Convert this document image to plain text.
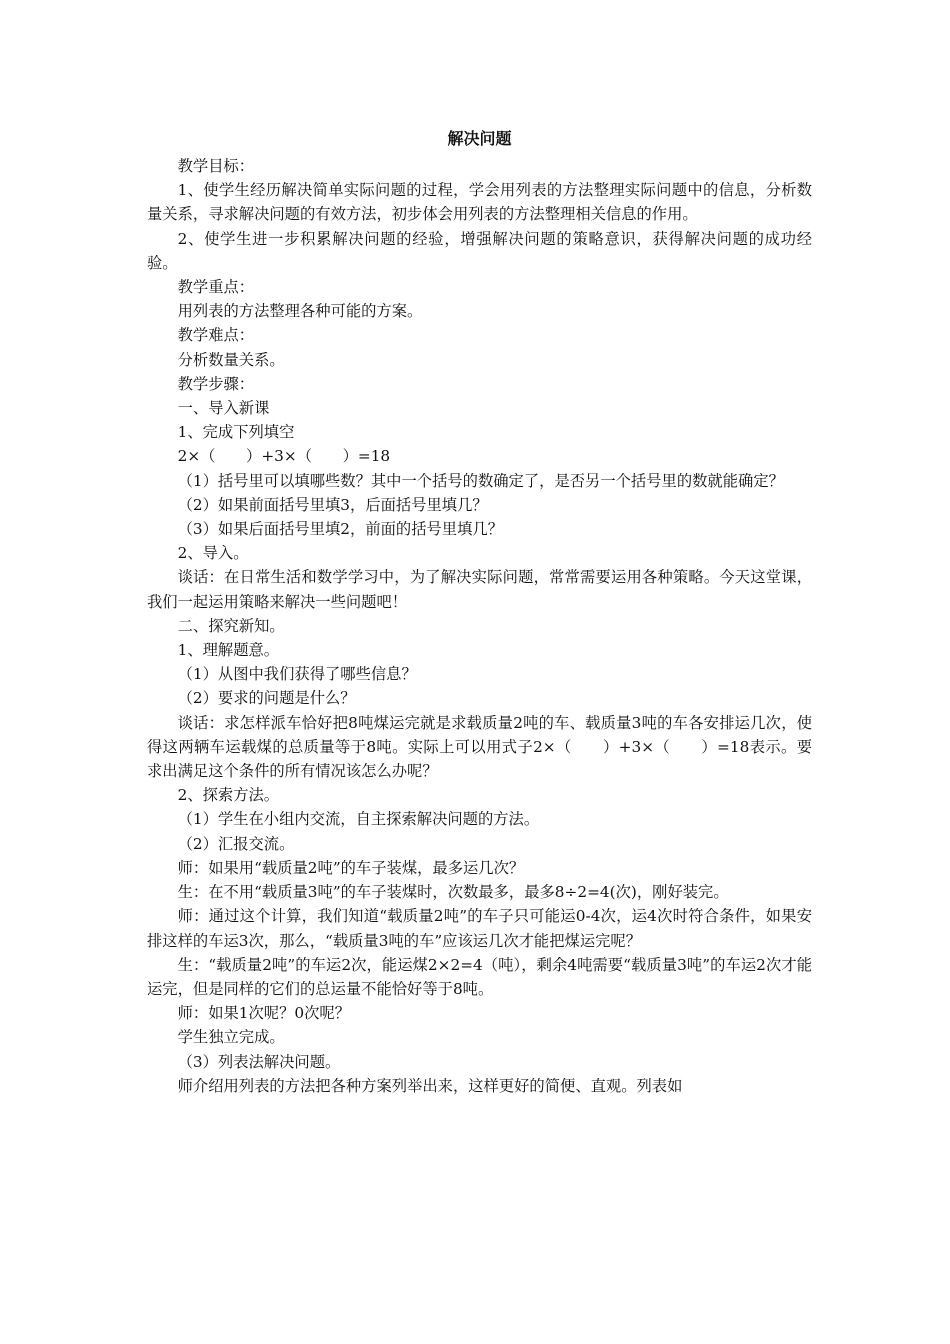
解决问题

教学目标：

1、使学生经历解决简单实际问题的过程，学会用列表的方法整理实际问题中的信息，分析数量关系，寻求解决问题的有效方法，初步体会用列表的方法整理相关信息的作用。

2、使学生进一步积累解决问题的经验，增强解决问题的策略意识，获得解决问题的成功经验。

教学重点：

用列表的方法整理各种可能的方案。

教学难点：

分析数量关系。

教学步骤：

一、导入新课

1、完成下列填空

2×（　　）+3×（　　）=18

（1）括号里可以填哪些数？其中一个括号的数确定了，是否另一个括号里的数就能确定？

（2）如果前面括号里填3，后面括号里填几？

（3）如果后面括号里填2，前面的括号里填几？

2、导入。

谈话：在日常生活和数学学习中，为了解决实际问题，常常需要运用各种策略。今天这堂课，我们一起运用策略来解决一些问题吧！

二、探究新知。

1、理解题意。

（1）从图中我们获得了哪些信息？

（2）要求的问题是什么？

谈话：求怎样派车恰好把8吨煤运完就是求载质量2吨的车、载质量3吨的车各安排运几次，使得这两辆车运载煤的总质量等于8吨。实际上可以用式子2×（　　）+3×（　　）=18表示。要求出满足这个条件的所有情况该怎么办呢？

2、探索方法。

（1）学生在小组内交流，自主探索解决问题的方法。

（2）汇报交流。

师：如果用“载质量2吨”的车子装煤，最多运几次？

生：在不用“载质量3吨”的车子装煤时，次数最多，最多8÷2=4(次)，刚好装完。

师：通过这个计算，我们知道“载质量2吨”的车子只可能运0-4次，运4次时符合条件，如果安排这样的车运3次，那么，“载质量3吨的车”应该运几次才能把煤运完呢？

生：“载质量2吨”的车运2次，能运煤2×2=4（吨），剩余4吨需要“载质量3吨”的车运2次才能运完，但是同样的它们的总运量不能恰好等于8吨。

师：如果1次呢？0次呢？

学生独立完成。

（3）列表法解决问题。

师介绍用列表的方法把各种方案列举出来，这样更好的简便、直观。列表如
